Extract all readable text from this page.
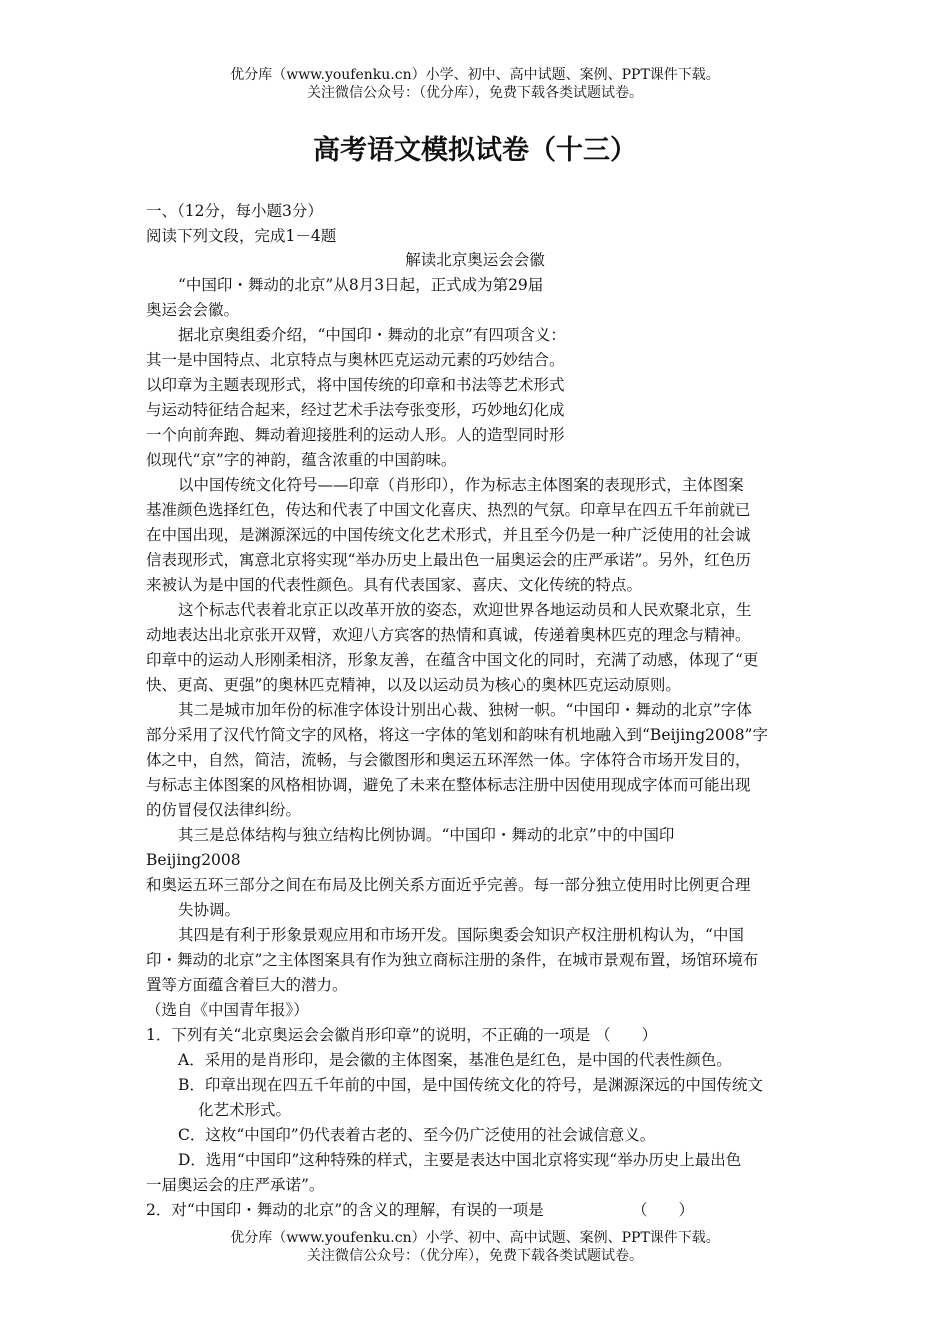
优分库（www.youfenku.cn）小学、初中、高中试题、案例、PPT课件下载。
关注微信公众号：（优分库），免费下载各类试题试卷。
高考语文模拟试卷（十三）
一、（12分，每小题3分）
阅读下列文段，完成1－4题
解读北京奥运会会徽
“中国印・舞动的北京”从8月3日起，正式成为第29届
奥运会会徽。
据北京奥组委介绍，“中国印・舞动的北京”有四项含义：
其一是中国特点、北京特点与奥林匹克运动元素的巧妙结合。
以印章为主题表现形式，将中国传统的印章和书法等艺术形式
与运动特征结合起来，经过艺术手法夸张变形，巧妙地幻化成
一个向前奔跑、舞动着迎接胜利的运动人形。人的造型同时形
似现代“京”字的神韵，蕴含浓重的中国韵味。
以中国传统文化符号——印章（肖形印），作为标志主体图案的表现形式，主体图案
基准颜色选择红色，传达和代表了中国文化喜庆、热烈的气氛。印章早在四五千年前就已
在中国出现，是渊源深远的中国传统文化艺术形式，并且至今仍是一种广泛使用的社会诚
信表现形式，寓意北京将实现“举办历史上最出色一届奥运会的庄严承诺”。另外，红色历
来被认为是中国的代表性颜色。具有代表国家、喜庆、文化传统的特点。
这个标志代表着北京正以改革开放的姿态，欢迎世界各地运动员和人民欢聚北京，生
动地表达出北京张开双臂，欢迎八方宾客的热情和真诚，传递着奥林匹克的理念与精神。
印章中的运动人形刚柔相济，形象友善，在蕴含中国文化的同时，充满了动感，体现了“更
快、更高、更强”的奥林匹克精神，以及以运动员为核心的奥林匹克运动原则。
其二是城市加年份的标准字体设计别出心裁、独树一帜。“中国印・舞动的北京”字体
部分采用了汉代竹简文字的风格，将这一字体的笔划和韵味有机地融入到“Beijing2008”字
体之中，自然，简洁，流畅，与会徽图形和奥运五环浑然一体。字体符合市场开发目的，
与标志主体图案的风格相协调，避免了未来在整体标志注册中因使用现成字体而可能出现
的仿冒侵仅法律纠纷。
其三是总体结构与独立结构比例协调。“中国印・舞动的北京”中的中国印
Beijing2008
和奥运五环三部分之间在布局及比例关系方面近乎完善。每一部分独立使用时比例更合理
失协调。
其四是有利于形象景观应用和市场开发。国际奥委会知识产权注册机构认为，“中国
印・舞动的北京”之主体图案具有作为独立商标注册的条件，在城市景观布置，场馆环境布
置等方面蕴含着巨大的潜力。
（选自《中国青年报》）
1．下列有关“北京奥运会会徽肖形印章”的说明，不正确的一项是 （　　）
A．采用的是肖形印，是会徽的主体图案，基准色是红色，是中国的代表性颜色。
B．印章出现在四五千年前的中国，是中国传统文化的符号，是渊源深远的中国传统文
化艺术形式。
C．这枚“中国印”仍代表着古老的、至今仍广泛使用的社会诚信意义。
D．选用“中国印”这种特殊的样式，主要是表达中国北京将实现“举办历史上最出色
一届奥运会的庄严承诺”。
2．对“中国印・舞动的北京”的含义的理解，有误的一项是	（　　）
优分库（www.youfenku.cn）小学、初中、高中试题、案例、PPT课件下载。
关注微信公众号：（优分库），免费下载各类试题试卷。
